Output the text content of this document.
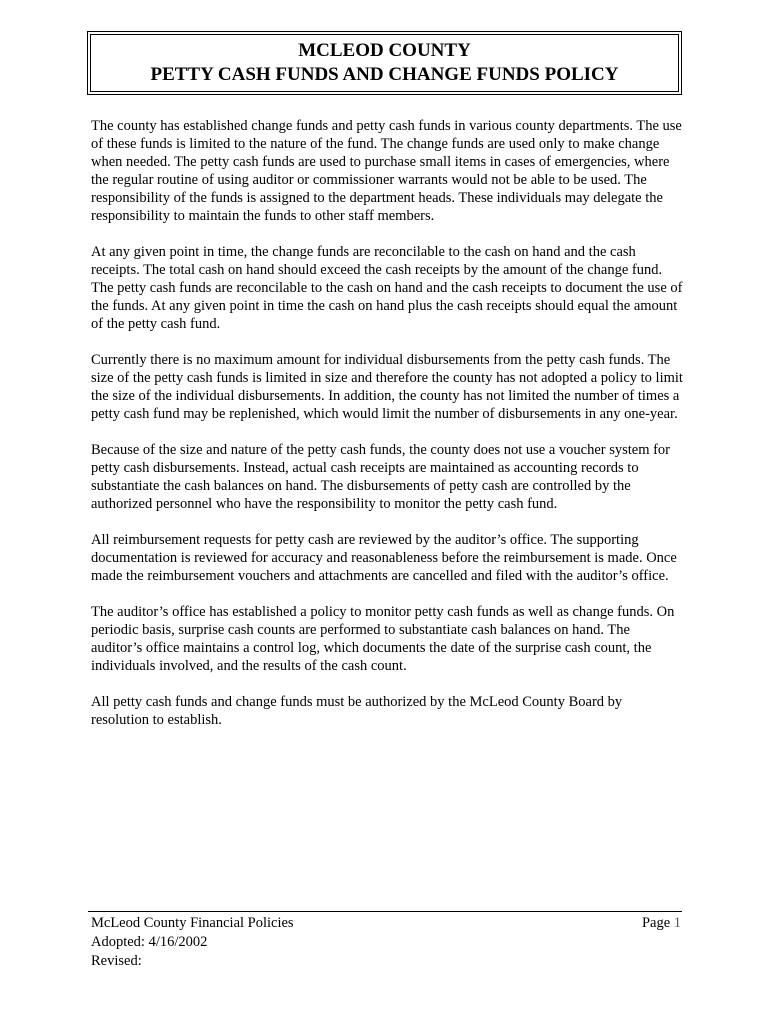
MCLEOD COUNTY
PETTY CASH FUNDS AND CHANGE FUNDS POLICY

The county has established change funds and petty cash funds in various county departments. The use of these funds is limited to the nature of the fund. The change funds are used only to make change when needed. The petty cash funds are used to purchase small items in cases of emergencies, where the regular routine of using auditor or commissioner warrants would not be able to be used. The responsibility of the funds is assigned to the department heads. These individuals may delegate the responsibility to maintain the funds to other staff members.

At any given point in time, the change funds are reconcilable to the cash on hand and the cash receipts. The total cash on hand should exceed the cash receipts by the amount of the change fund. The petty cash funds are reconcilable to the cash on hand and the cash receipts to document the use of the funds. At any given point in time the cash on hand plus the cash receipts should equal the amount of the petty cash fund.

Currently there is no maximum amount for individual disbursements from the petty cash funds. The size of the petty cash funds is limited in size and therefore the county has not adopted a policy to limit the size of the individual disbursements. In addition, the county has not limited the number of times a petty cash fund may be replenished, which would limit the number of disbursements in any one-year.

Because of the size and nature of the petty cash funds, the county does not use a voucher system for petty cash disbursements. Instead, actual cash receipts are maintained as accounting records to substantiate the cash balances on hand. The disbursements of petty cash are controlled by the authorized personnel who have the responsibility to monitor the petty cash fund.

All reimbursement requests for petty cash are reviewed by the auditor’s office. The supporting documentation is reviewed for accuracy and reasonableness before the reimbursement is made. Once made the reimbursement vouchers and attachments are cancelled and filed with the auditor’s office.

The auditor’s office has established a policy to monitor petty cash funds as well as change funds. On periodic basis, surprise cash counts are performed to substantiate cash balances on hand. The auditor’s office maintains a control log, which documents the date of the surprise cash count, the individuals involved, and the results of the cash count.

All petty cash funds and change funds must be authorized by the McLeod County Board by resolution to establish.

McLeod County Financial Policies	Page 1
Adopted: 4/16/2002
Revised:
